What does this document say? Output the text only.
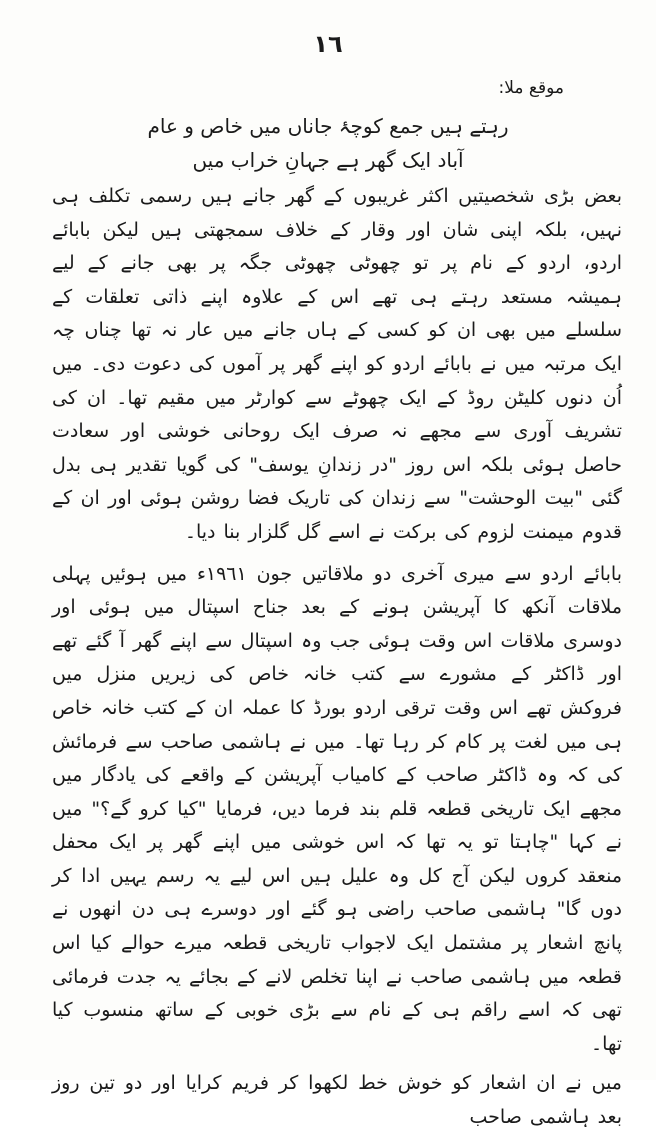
١٦
موقع ملا:
رہتے ہیں جمع کوچۂ جاناں میں خاص و عام
آباد ایک گھر ہے جہانِ خراب میں

بعض بڑی شخصیتیں اکثر غریبوں کے گھر جانے ہیں رسمی تکلف ہی نہیں، بلکہ اپنی شان اور وقار کے خلاف سمجھتی ہیں لیکن بابائے اردو، اردو کے نام پر تو چھوٹی چھوٹی جگہ پر بھی جانے کے لیے ہمیشہ مستعد رہتے ہی تھے اس کے علاوہ اپنے ذاتی تعلقات کے سلسلے میں بھی ان کو کسی کے ہاں جانے میں عار نہ تھا چناں چہ ایک مرتبہ میں نے بابائے اردو کو اپنے گھر پر آموں کی دعوت دی۔ میں اُن دنوں کلیٹن روڈ کے ایک چھوٹے سے کوارٹر میں مقیم تھا۔ ان کی تشریف آوری سے مجھے نہ صرف ایک روحانی خوشی اور سعادت حاصل ہوئی بلکہ اس روز "در زندانِ یوسف" کی گویا تقدیر ہی بدل گئی "بیت الوحشت" سے زندان کی تاریک فضا روشن ہوئی اور ان کے قدوم میمنت لزوم کی برکت نے اسے گل گلزار بنا دیا۔

بابائے اردو سے میری آخری دو ملاقاتیں جون ١٩٦١ء میں ہوئیں پہلی ملاقات آنکھ کا آپریشن ہونے کے بعد جناح اسپتال میں ہوئی اور دوسری ملاقات اس وقت ہوئی جب وہ اسپتال سے اپنے گھر آ گئے تھے اور ڈاکٹر کے مشورے سے کتب خانہ خاص کی زیریں منزل میں فروکش تھے اس وقت ترقی اردو بورڈ کا عملہ ان کے کتب خانہ خاص ہی میں لغت پر کام کر رہا تھا۔ میں نے ہاشمی صاحب سے فرمائش کی کہ وہ ڈاکٹر صاحب کے کامیاب آپریشن کے واقعے کی یادگار میں مجھے ایک تاریخی قطعہ قلم بند فرما دیں، فرمایا "کیا کرو گے؟" میں نے کہا "چاہتا تو یہ تھا کہ اس خوشی میں اپنے گھر پر ایک محفل منعقد کروں لیکن آج کل وہ علیل ہیں اس لیے یہ رسم یہیں ادا کر دوں گا" ہاشمی صاحب راضی ہو گئے اور دوسرے ہی دن انھوں نے پانچ اشعار پر مشتمل ایک لاجواب تاریخی قطعہ میرے حوالے کیا اس قطعہ میں ہاشمی صاحب نے اپنا تخلص لانے کے بجائے یہ جدت فرمائی تھی کہ اسے راقم ہی کے نام سے بڑی خوبی کے ساتھ منسوب کیا تھا۔

میں نے ان اشعار کو خوش خط لکھوا کر فریم کرایا اور دو تین روز بعد ہاشمی صاحب
